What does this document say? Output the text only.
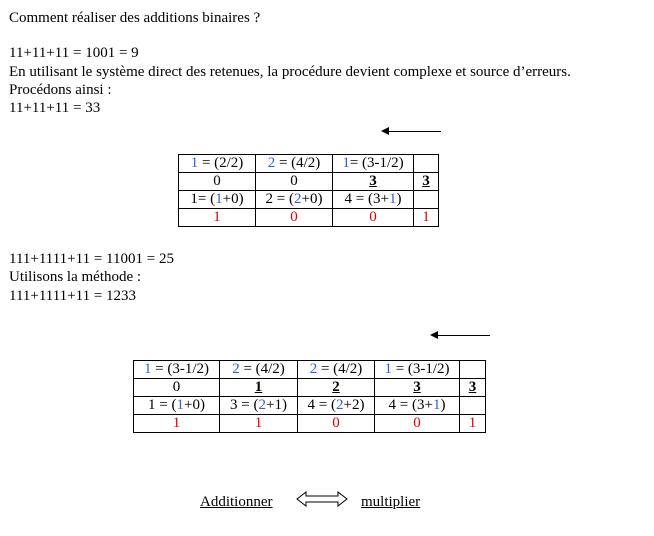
Comment réaliser des additions binaires ?
11+11+11 = 1001 = 9
En utilisant le système direct des retenues, la procédure devient complexe et source d’erreurs.
Procédons ainsi :
11+11+11 = 33
1 = (2/2)	2 = (4/2)	1= (3-1/2)	
0	0	3	3
1= (1+0)	2 = (2+0)	4 = (3+1)	
1	0	0	1
111+1111+11 = 11001 = 25
Utilisons la méthode :
111+1111+11 = 1233
1 = (3-1/2)	2 = (4/2)	2 = (4/2)	1 = (3-1/2)	
0	1	2	3	3
1 = (1+0)	3 = (2+1)	4 = (2+2)	4 = (3+1)	
1	1	0	0	1
Additionner	multiplier
